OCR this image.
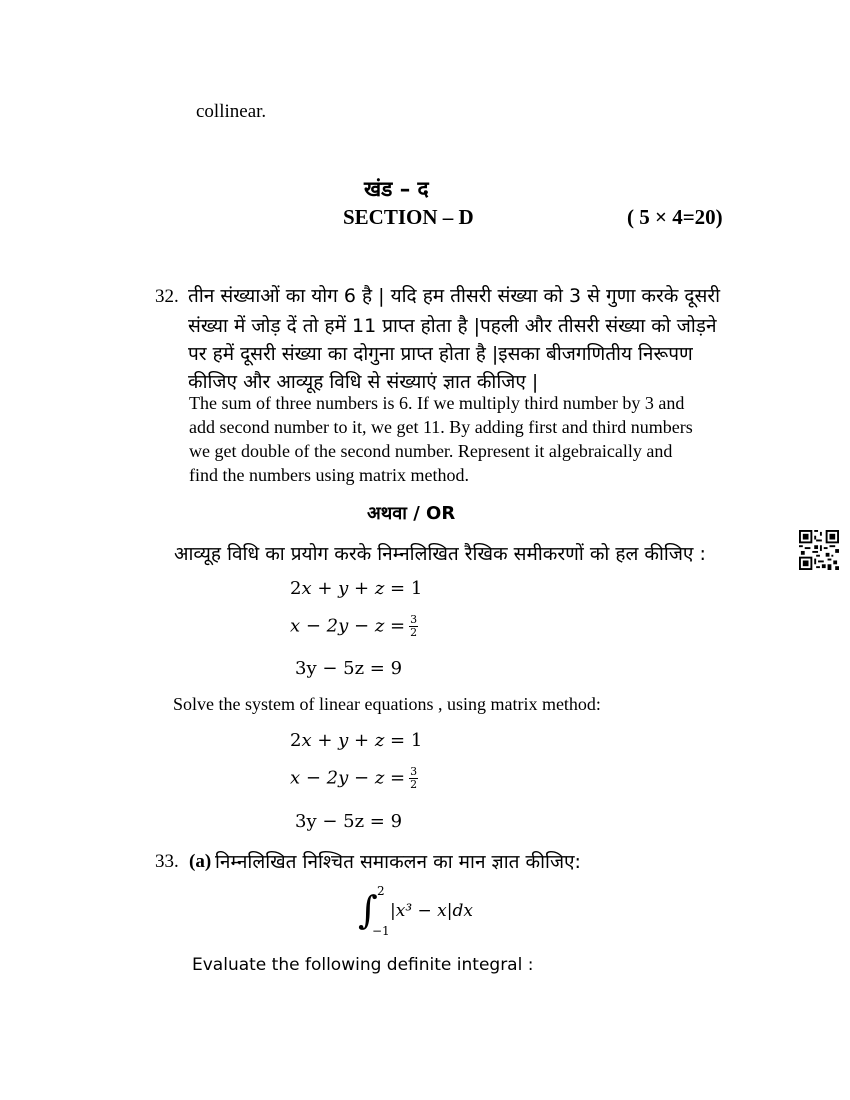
collinear.
खंड – द
SECTION – D	( 5 × 4=20)
32. तीन संख्याओं का योग 6 है | यदि हम तीसरी संख्या को 3 से गुणा करके दूसरी
संख्या में जोड़ दें तो हमें 11 प्राप्त होता है |पहली और तीसरी संख्या को जोड़ने
पर हमें दूसरी संख्या का दोगुना प्राप्त होता है |इसका बीजगणितीय निरूपण
कीजिए और आव्यूह विधि से संख्याएं ज्ञात कीजिए |
The sum of three numbers is 6. If we multiply third number by 3 and
add second number to it, we get 11. By adding first and third numbers
we get double of the second number. Represent it algebraically and
find the numbers using matrix method.
अथवा / OR
आव्यूह विधि का प्रयोग करके निम्नलिखित रैखिक समीकरणों को हल कीजिए :
2x + y + z = 1
$x - 2y - z = \frac{3}{2}$
3y − 5z = 9
Solve the system of linear equations , using matrix method:
2x + y + z = 1
$x - 2y - z = \frac{3}{2}$
3y − 5z = 9
33. (a) निम्नलिखित निश्चित समाकलन का मान ज्ञात कीजिए:
∫ 2
−1
|x³ − x|dx
Evaluate the following definite integral :
